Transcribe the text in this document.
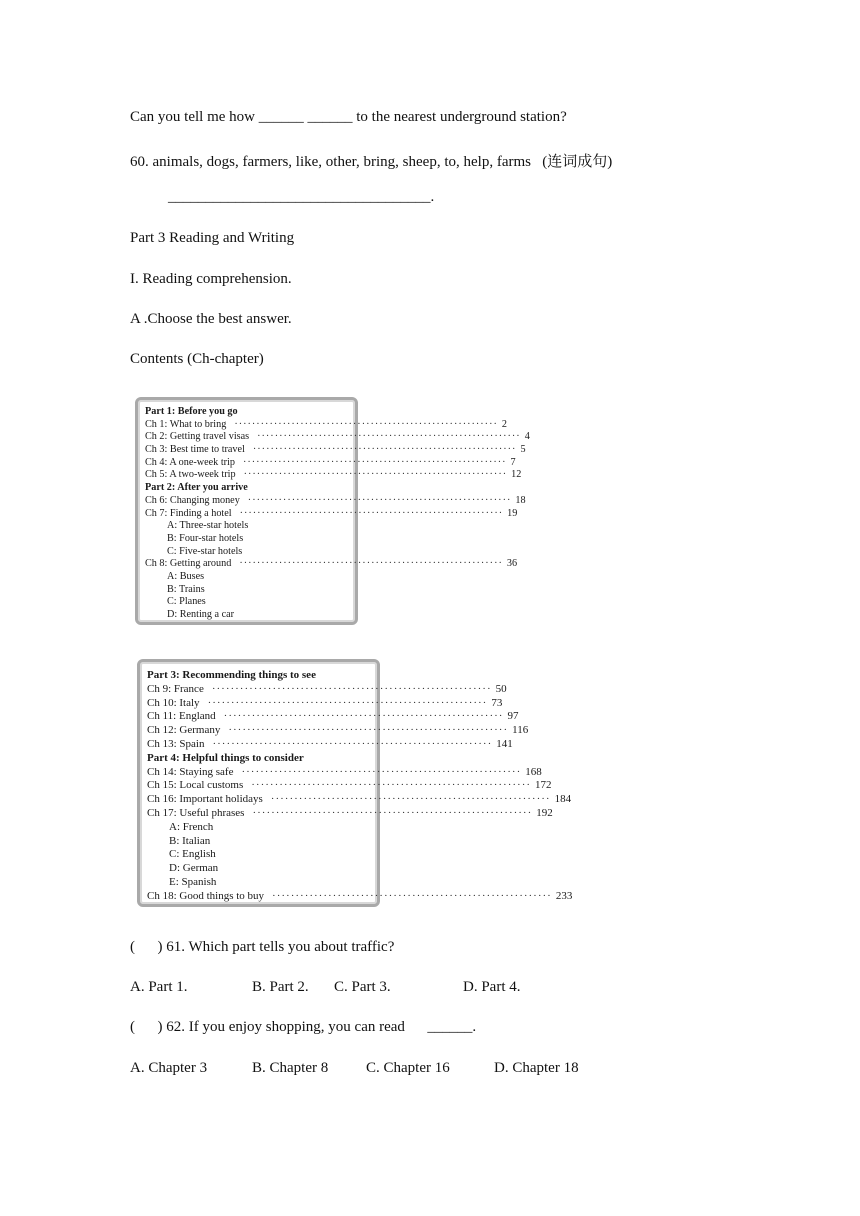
Can you tell me how ______ ______ to the nearest underground station?
60. animals, dogs, farmers, like, other, bring, sheep, to, help, farms   (连词成句)
___________________________________.
Part 3 Reading and Writing
I. Reading comprehension.
A .Choose the best answer.
Contents (Ch-chapter)
Part 1: Before you go
Ch 1: What to bring ···························································· 2
Ch 2: Getting travel visas ···························································· 4
Ch 3: Best time to travel ···························································· 5
Ch 4: A one-week trip ···························································· 7
Ch 5: A two-week trip ···························································· 12
Part 2: After you arrive
Ch 6: Changing money ···························································· 18
Ch 7: Finding a hotel ···························································· 19
A: Three-star hotels
B: Four-star hotels
C: Five-star hotels
Ch 8: Getting around ···························································· 36
A: Buses
B: Trains
C: Planes
D: Renting a car
Part 3: Recommending things to see
Ch 9: France ···························································· 50
Ch 10: Italy ···························································· 73
Ch 11: England ···························································· 97
Ch 12: Germany ···························································· 116
Ch 13: Spain ···························································· 141
Part 4: Helpful things to consider
Ch 14: Staying safe ···························································· 168
Ch 15: Local customs ···························································· 172
Ch 16: Important holidays ···························································· 184
Ch 17: Useful phrases ···························································· 192
A: French
B: Italian
C: English
D: German
E: Spanish
Ch 18: Good things to buy ···························································· 233
(      ) 61. Which part tells you about traffic?
A. Part 1.	B. Part 2. C. Part 3.	D. Part 4.
(      ) 62. If you enjoy shopping, you can read      ______.
A. Chapter 3	B. Chapter 8	C. Chapter 16	D. Chapter 18
